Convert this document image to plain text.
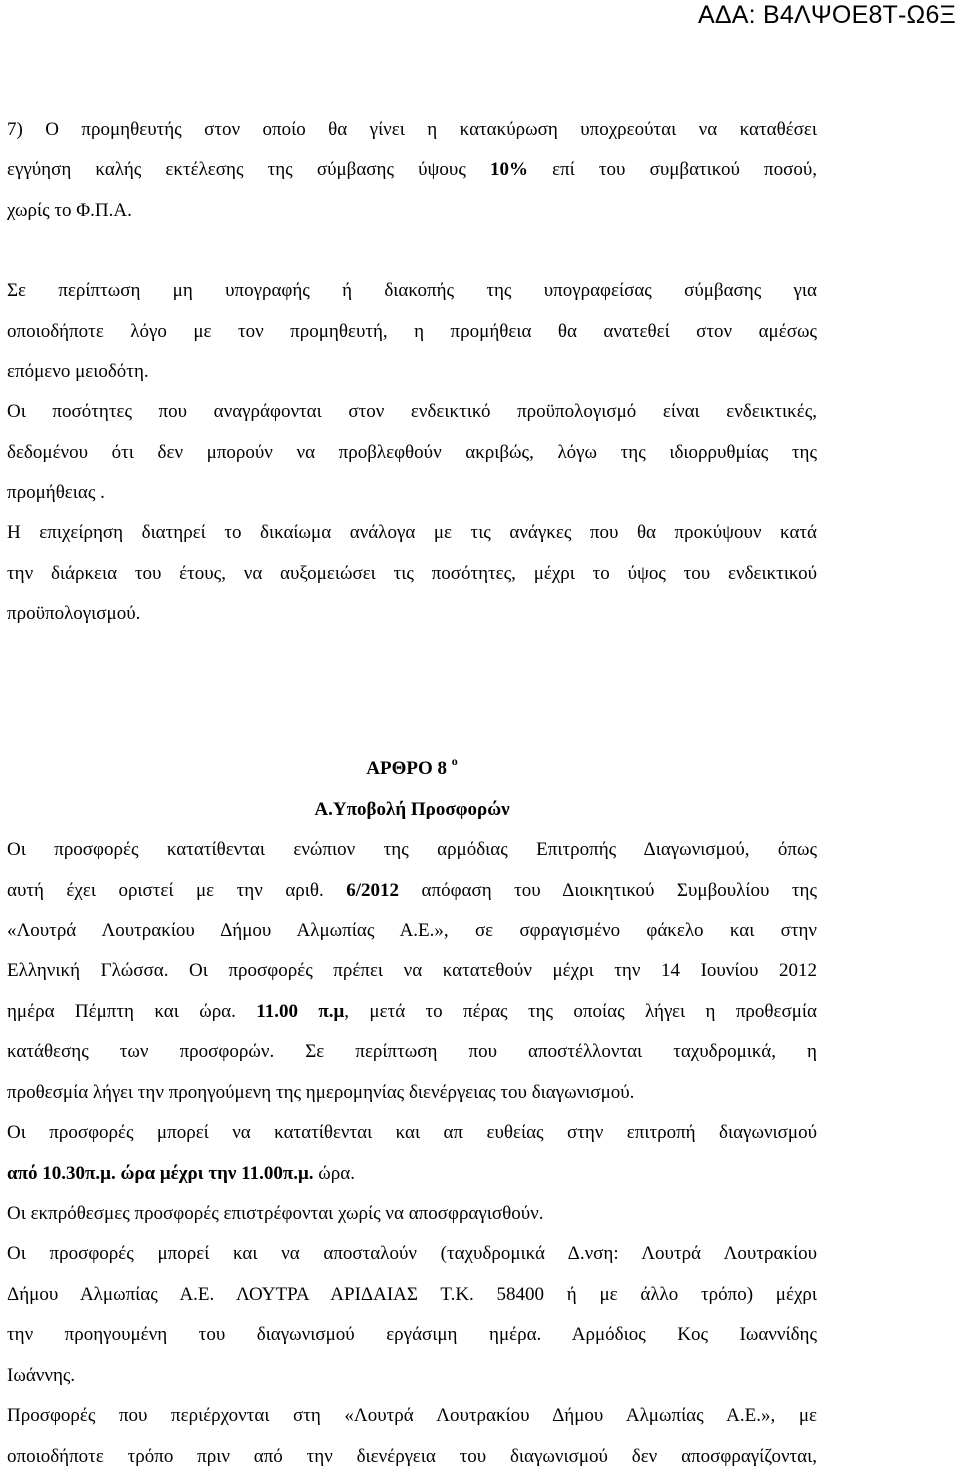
ΑΔΑ: Β4ΛΨΟΕ8Τ-Ω6Ξ
7) Ο προμηθευτής στον οποίο θα γίνει η κατακύρωση υποχρεούται να καταθέσει
εγγύηση καλής εκτέλεσης της σύμβασης ύψους 10% επί του συμβατικού ποσού,
χωρίς το Φ.Π.Α.
Σε περίπτωση μη υπογραφής ή διακοπής της υπογραφείσας σύμβασης για
οποιοδήποτε λόγο με τον προμηθευτή, η προμήθεια θα ανατεθεί στον αμέσως
επόμενο μειοδότη.
Οι ποσότητες που αναγράφονται στον ενδεικτικό προϋπολογισμό είναι ενδεικτικές,
δεδομένου ότι δεν μπορούν να προβλεφθούν ακριβώς, λόγω της ιδιορρυθμίας της
προμήθειας .
Η επιχείρηση διατηρεί το δικαίωμα ανάλογα με τις ανάγκες που θα προκύψουν κατά
την διάρκεια του έτους, να αυξομειώσει τις ποσότητες, μέχρι το ύψος του ενδεικτικού
προϋπολογισμού.
ΑΡΘΡΟ 8 $^o$
Α.Υποβολή Προσφορών
Οι προσφορές κατατίθενται ενώπιον της αρμόδιας Επιτροπής Διαγωνισμού, όπως
αυτή έχει οριστεί με την αριθ. 6/2012 απόφαση του Διοικητικού Συμβουλίου της
«Λουτρά Λουτρακίου Δήμου Αλμωπίας Α.Ε.», σε σφραγισμένο φάκελο και στην
Ελληνική Γλώσσα. Οι προσφορές πρέπει να κατατεθούν μέχρι την 14 Ιουνίου 2012
ημέρα Πέμπτη και ώρα. 11.00 π.μ, μετά το πέρας της οποίας λήγει η προθεσμία
κατάθεσης των προσφορών. Σε περίπτωση που αποστέλλονται ταχυδρομικά, η
προθεσμία λήγει την προηγούμενη της ημερομηνίας διενέργειας του διαγωνισμού.
Οι προσφορές μπορεί να κατατίθενται και απ ευθείας στην επιτροπή διαγωνισμού
από 10.30π.μ. ώρα μέχρι την 11.00π.μ. ώρα.
Οι εκπρόθεσμες προσφορές επιστρέφονται χωρίς να αποσφραγισθούν.
Οι προσφορές μπορεί και να αποσταλούν (ταχυδρομικά Δ.νση: Λουτρά Λουτρακίου
Δήμου Αλμωπίας Α.Ε. ΛΟΥΤΡΑ ΑΡΙΔΑΙΑΣ Τ.Κ. 58400 ή με άλλο τρόπο) μέχρι
την προηγουμένη του διαγωνισμού εργάσιμη ημέρα. Αρμόδιος Κος Ιωαννίδης
Ιωάννης.
Προσφορές που περιέρχονται στη «Λουτρά Λουτρακίου Δήμου Αλμωπίας Α.Ε.», με
οποιοδήποτε τρόπο πριν από την διενέργεια του διαγωνισμού δεν αποσφραγίζονται,
